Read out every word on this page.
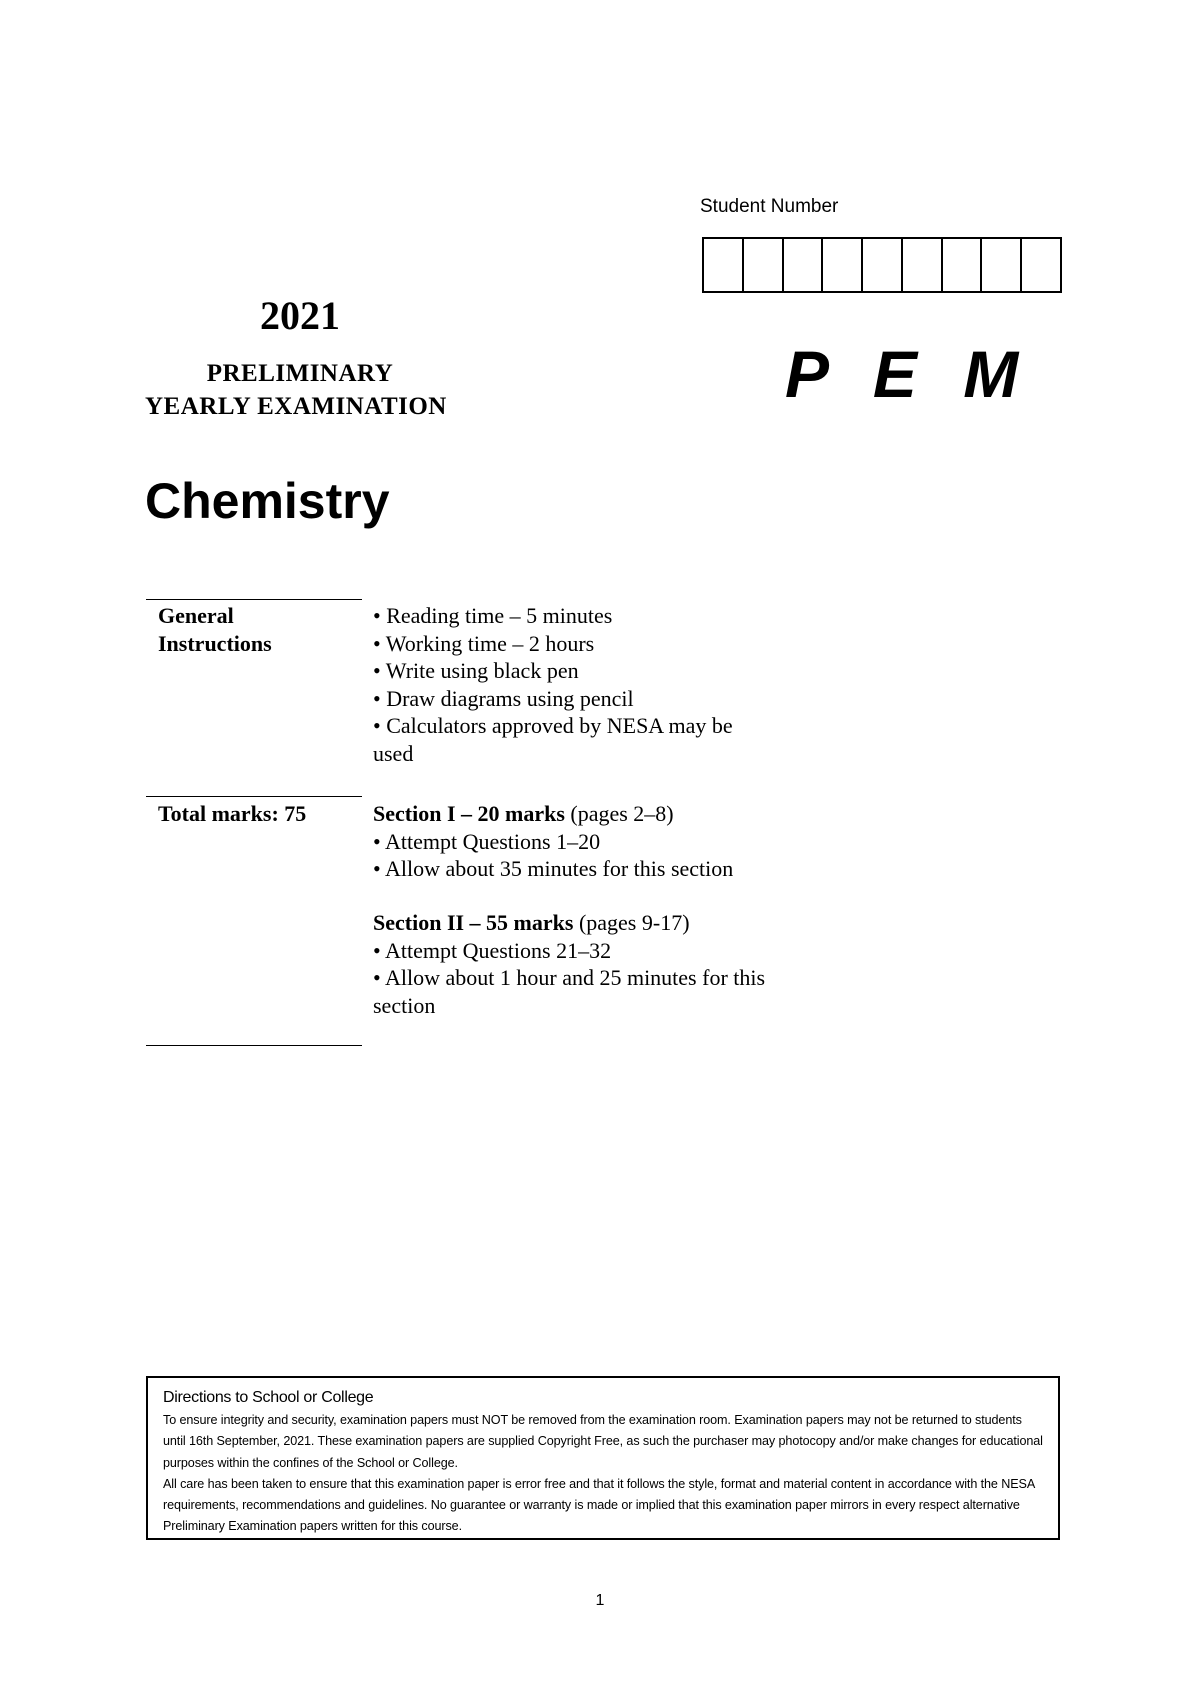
2021
PRELIMINARY
YEARLY EXAMINATION
Student Number
P E M
Chemistry
General Instructions
• Reading time – 5 minutes
• Working time – 2 hours
• Write using black pen
• Draw diagrams using pencil
• Calculators approved by NESA may be used
Total marks: 75	Section I – 20 marks (pages 2–8)
• Attempt Questions 1–20
• Allow about 35 minutes for this section
Section II – 55 marks (pages 9-17)
• Attempt Questions 21–32
• Allow about 1 hour and 25 minutes for this section
Directions to School or College

To ensure integrity and security, examination papers must NOT be removed from the examination room. Examination papers may not be returned to students until 16th September, 2021. These examination papers are supplied Copyright Free, as such the purchaser may photocopy and/or make changes for educational purposes within the confines of the School or College.

All care has been taken to ensure that this examination paper is error free and that it follows the style, format and material content in accordance with the NESA requirements, recommendations and guidelines. No guarantee or warranty is made or implied that this examination paper mirrors in every respect alternative Preliminary Examination papers written for this course.

1
